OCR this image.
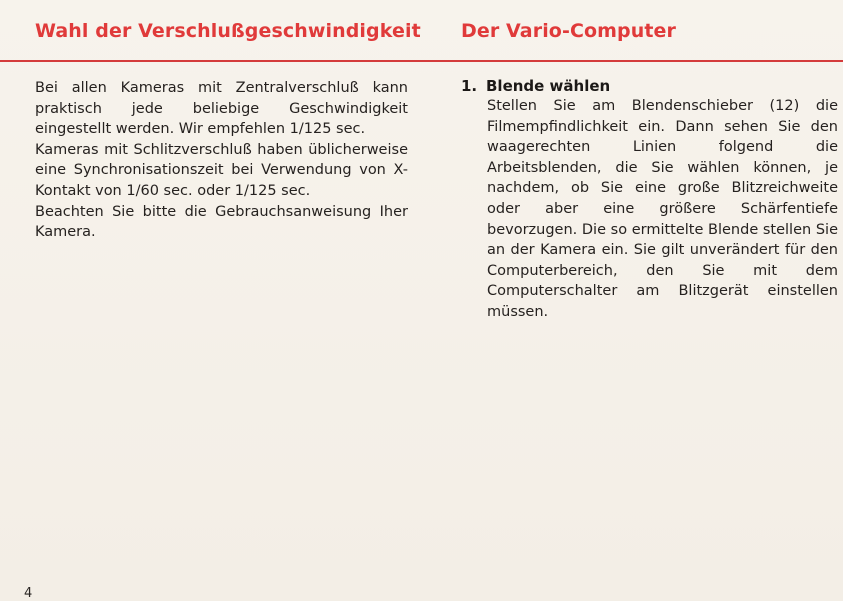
Wahl der Verschlußgeschwindigkeit Der Vario-Computer

Bei allen Kameras mit Zentralverschluß kann praktisch jede beliebige Geschwindigkeit eingestellt werden. Wir empfehlen 1/125 sec.

Kameras mit Schlitzverschluß haben üblicherweise eine Synchronisationszeit bei Verwendung von X-Kontakt von 1/60 sec. oder 1/125 sec.

Beachten Sie bitte die Gebrauchsanweisung Iher Kamera.

1. Blende wählen

Stellen Sie am Blendenschieber (12) die Filmempfindlichkeit ein. Dann sehen Sie den waagerechten Linien folgend die Arbeitsblenden, die Sie wählen können, je nachdem, ob Sie eine große Blitzreichweite oder aber eine größere Schärfentiefe bevorzugen. Die so ermittelte Blende stellen Sie an der Kamera ein. Sie gilt unverändert für den Computerbereich, den Sie mit dem Computerschalter am Blitzgerät einstellen müssen.

4
